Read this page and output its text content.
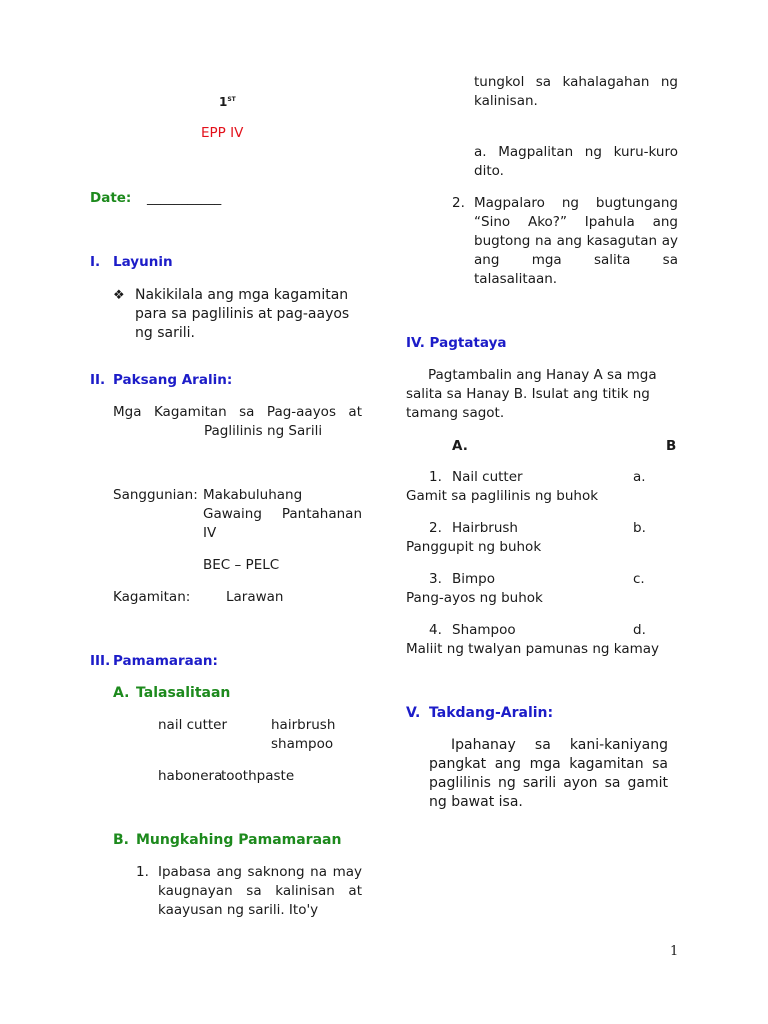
1ST
EPP IV
Date: ___________
I. Layunin
❖ Nakikilala ang mga kagamitan para sa paglilinis at pag-aayos ng sarili.
II. Paksang Aralin:
Mga Kagamitan sa Pag-aayos at
Paglilinis ng Sarili
Sanggunian: Makabuluhang
Gawaing Pantahanan
IV
BEC – PELC
Kagamitan:	Larawan
III. Pamamaraan:
A. Talasalitaan
nail cutter	hairbrush
shampoo
habonera
toothpaste
B. Mungkahing Pamamaraan
1. Ipabasa ang saknong na may kaugnayan sa kalinisan at kaayusan ng sarili. Ito'y
tungkol sa kahalagahan ng kalinisan.
a. Magpalitan ng kuru-kuro dito.
2. Magpalaro ng bugtungang “Sino Ako?” Ipahula ang bugtong na ang kasagutan ay ang mga salita sa talasalitaan.
IV. Pagtataya
Pagtambalin ang Hanay A sa mga salita sa Hanay B. Isulat ang titik ng tamang sagot.
A.	B
1. Nail cutter	a.
Gamit sa paglilinis ng buhok
2. Hairbrush	b.
Panggupit ng buhok
3. Bimpo	c.
Pang-ayos ng buhok
4. Shampoo	d.
Maliit ng twalyan pamunas ng kamay
V. Takdang-Aralin:
Ipahanay sa kani-kaniyang pangkat ang mga kagamitan sa paglilinis ng sarili ayon sa gamit ng bawat isa.
1
